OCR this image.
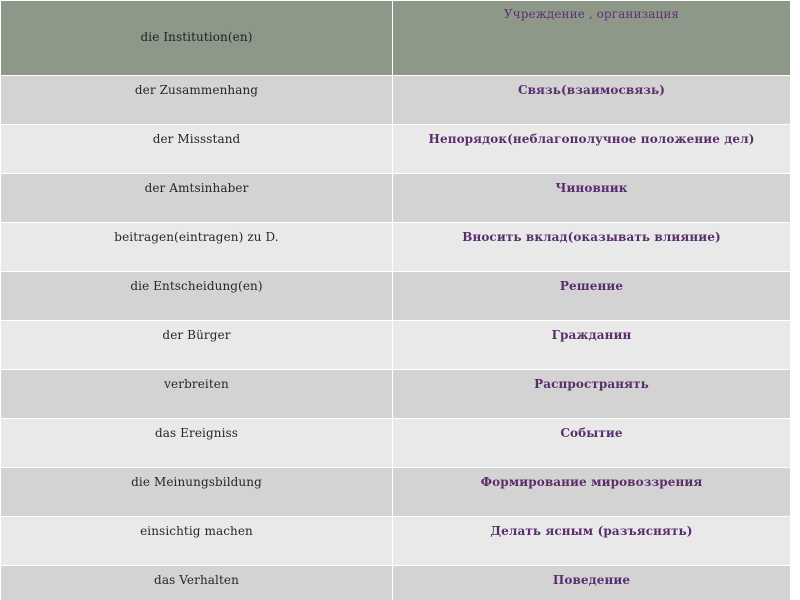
die Institution(en)	Учреждение , организация
der Zusammenhang	Связь(взаимосвязь)
der Missstand	Непорядок(неблагополучное положение дел)
der Amtsinhaber	Чиновник
beitragen(eintragen) zu D.	Вносить вклад(оказывать влияние)
die Entscheidung(en)	Решение
der Bürger	Гражданин
verbreiten	Распространять
das Ereigniss	Событие
die Meinungsbildung	Формирование мировоззрения
einsichtig machen	Делать ясным (разъяснять)
das Verhalten	Поведение
